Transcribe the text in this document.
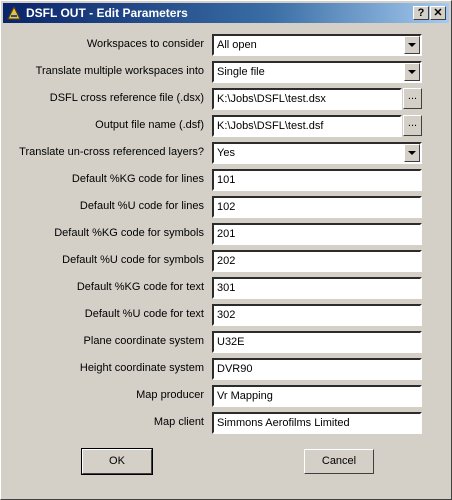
DSFL OUT - Edit Parameters	? ✕
Workspaces to consider	All open
Translate multiple workspaces into	Single file
DSFL cross reference file (.dsx)	K:\Jobs\DSFL\test.dsx	...
Output file name (.dsf)	K:\Jobs\DSFL\test.dsf	...
Translate un-cross referenced layers?	Yes
Default %KG code for lines	101
Default %U code for lines	102
Default %KG code for symbols	201
Default %U code for symbols	202
Default %KG code for text	301
Default %U code for text	302
Plane coordinate system	U32E
Height coordinate system	DVR90
Map producer	Vr Mapping
Map client	Simmons Aerofilms Limited
OK	Cancel
